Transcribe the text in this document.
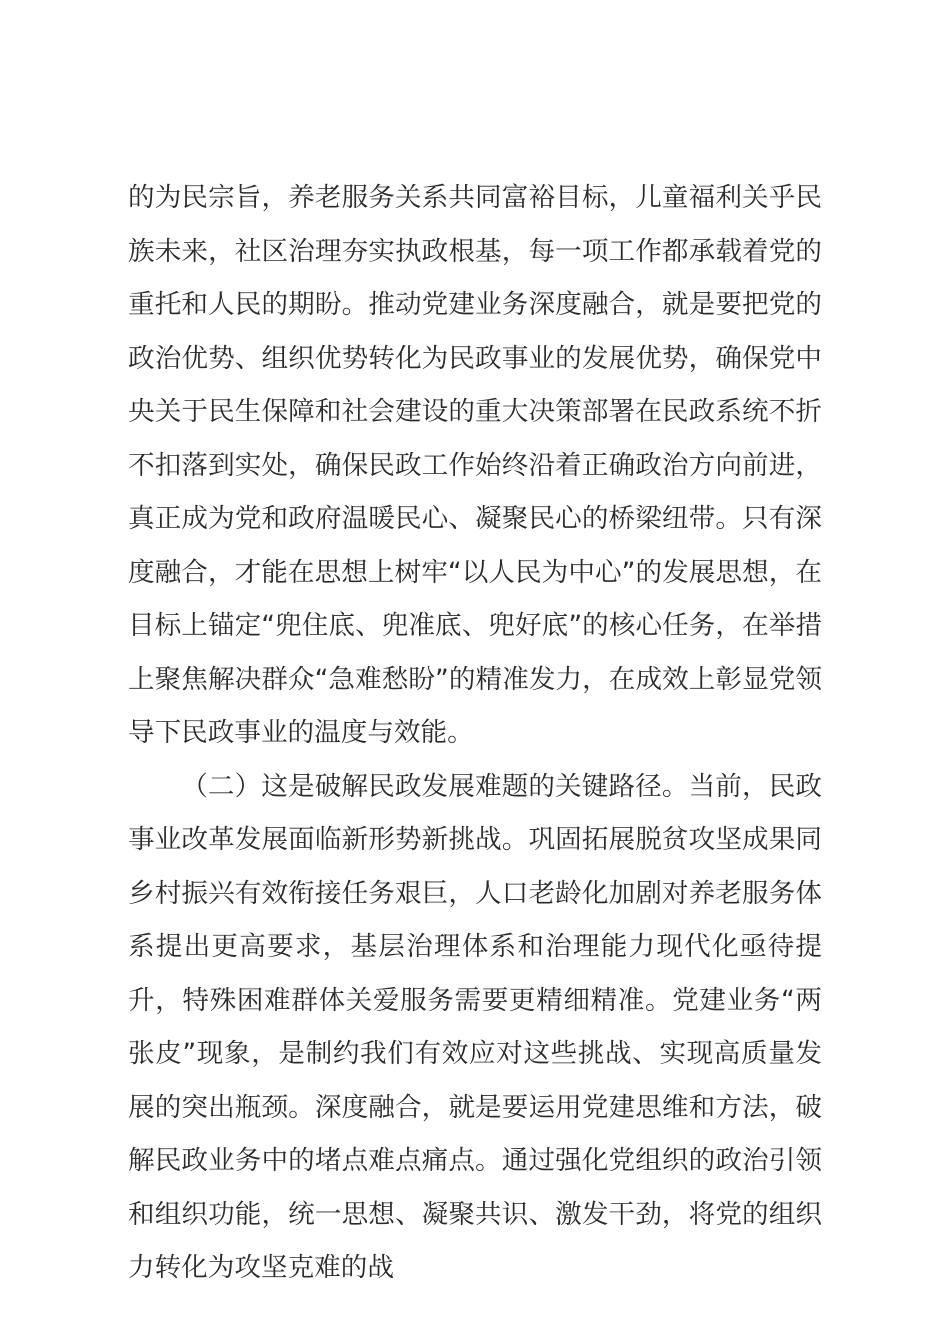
的为民宗旨，养老服务关系共同富裕目标，儿童福利关乎民族未来，社区治理夯实执政根基，每一项工作都承载着党的重托和人民的期盼。推动党建业务深度融合，就是要把党的政治优势、组织优势转化为民政事业的发展优势，确保党中央关于民生保障和社会建设的重大决策部署在民政系统不折不扣落到实处，确保民政工作始终沿着正确政治方向前进，真正成为党和政府温暖民心、凝聚民心的桥梁纽带。只有深度融合，才能在思想上树牢“以人民为中心”的发展思想，在目标上锚定“兜住底、兜准底、兜好底”的核心任务，在举措上聚焦解决群众“急难愁盼”的精准发力，在成效上彰显党领导下民政事业的温度与效能。

（二）这是破解民政发展难题的关键路径。当前，民政事业改革发展面临新形势新挑战。巩固拓展脱贫攻坚成果同乡村振兴有效衔接任务艰巨，人口老龄化加剧对养老服务体系提出更高要求，基层治理体系和治理能力现代化亟待提升，特殊困难群体关爱服务需要更精细精准。党建业务“两张皮”现象，是制约我们有效应对这些挑战、实现高质量发展的突出瓶颈。深度融合，就是要运用党建思维和方法，破解民政业务中的堵点难点痛点。通过强化党组织的政治引领和组织功能，统一思想、凝聚共识、激发干劲，将党的组织力转化为攻坚克难的战
